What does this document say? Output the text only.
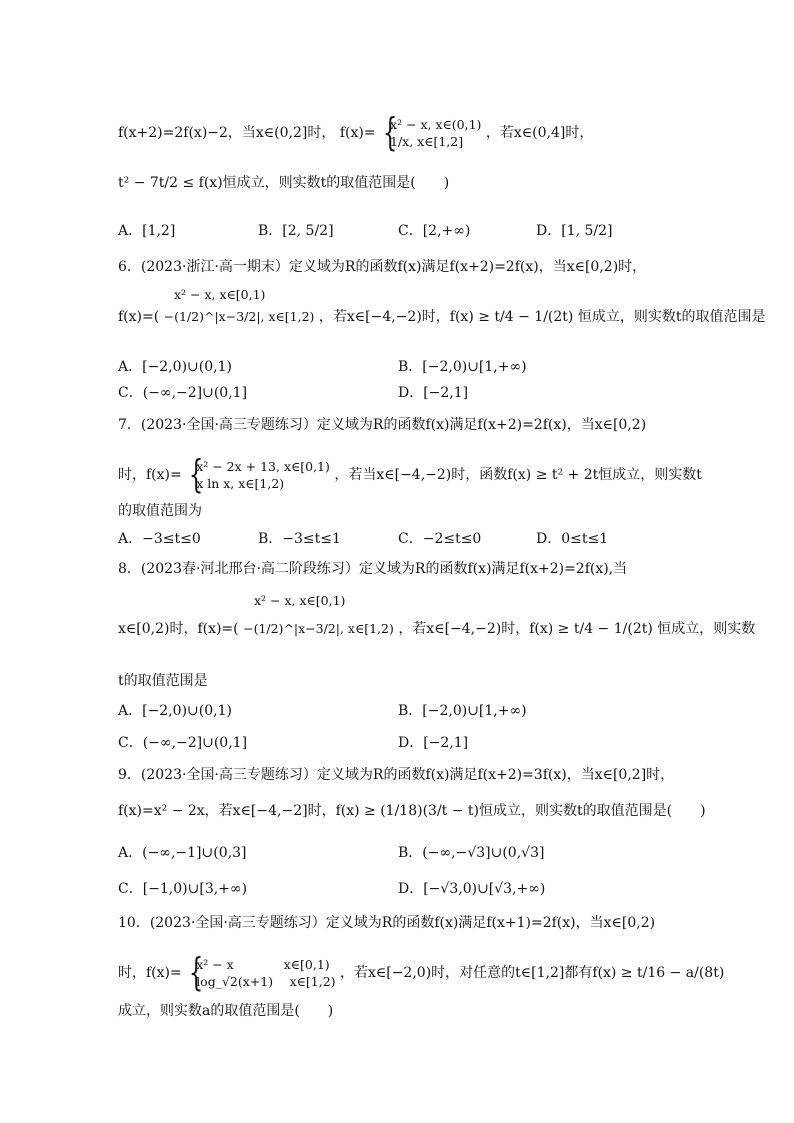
f(x+2)=2f(x)−2，当x∈(0,2]时， f(x)=
{ x² − x, x∈(0,1)
1/x, x∈[1,2]
，若x∈(0,4]时，
t² − 7t/2 ≤ f(x)恒成立，则实数t的取值范围是(　　)
A．[1,2]	B．[2, 5/2]	C．[2,+∞)	D．[1, 5/2]
6．(2023·浙江·高一期末）定义域为R的函数f(x)满足f(x+2)=2f(x)，当x∈[0,2)时，
x² − x, x∈[0,1)
f(x)=( −(1/2)^|x−3/2|, x∈[1,2) ，若x∈[−4,−2)时，f(x) ≥ t/4 − 1/(2t) 恒成立，则实数t的取值范围是
A．[−2,0)∪(0,1)	B．[−2,0)∪[1,+∞)
C．(−∞,−2]∪(0,1]	D．[−2,1]
7．(2023·全国·高三专题练习）定义域为R的函数f(x)满足f(x+2)=2f(x)，当x∈[0,2)
时，f(x)=
{ x² − 2x + 13, x∈[0,1)
x ln x, x∈[1,2)
，若当x∈[−4,−2)时，函数f(x) ≥ t² + 2t恒成立，则实数t
的取值范围为
A．−3≤t≤0	B．−3≤t≤1	C．−2≤t≤0	D．0≤t≤1
8．(2023春·河北邢台·高二阶段练习）定义域为R的函数f(x)满足f(x+2)=2f(x),当
x² − x, x∈[0,1)
x∈[0,2)时，f(x)=( −(1/2)^|x−3/2|, x∈[1,2) ，若x∈[−4,−2)时，f(x) ≥ t/4 − 1/(2t) 恒成立，则实数
t的取值范围是
A．[−2,0)∪(0,1)	B．[−2,0)∪[1,+∞)
C．(−∞,−2]∪(0,1]	D．[−2,1]
9．(2023·全国·高三专题练习）定义域为R的函数f(x)满足f(x+2)=3f(x)，当x∈[0,2]时，
f(x)=x² − 2x，若x∈[−4,−2]时，f(x) ≥ (1/18)(3/t − t)恒成立，则实数t的取值范围是(　　)
A．(−∞,−1]∪(0,3]	B．(−∞,−√3]∪(0,√3]
C．[−1,0)∪[3,+∞)	D．[−√3,0)∪[√3,+∞)
10．(2023·全国·高三专题练习）定义域为R的函数f(x)满足f(x+1)=2f(x)，当x∈[0,2)
时，f(x)=
{ x² − x　　　　x∈[0,1)
log_√2(x+1)　 x∈[1,2)
，若x∈[−2,0)时，对任意的t∈[1,2]都有f(x) ≥ t/16 − a/(8t)
成立，则实数a的取值范围是(　　)
